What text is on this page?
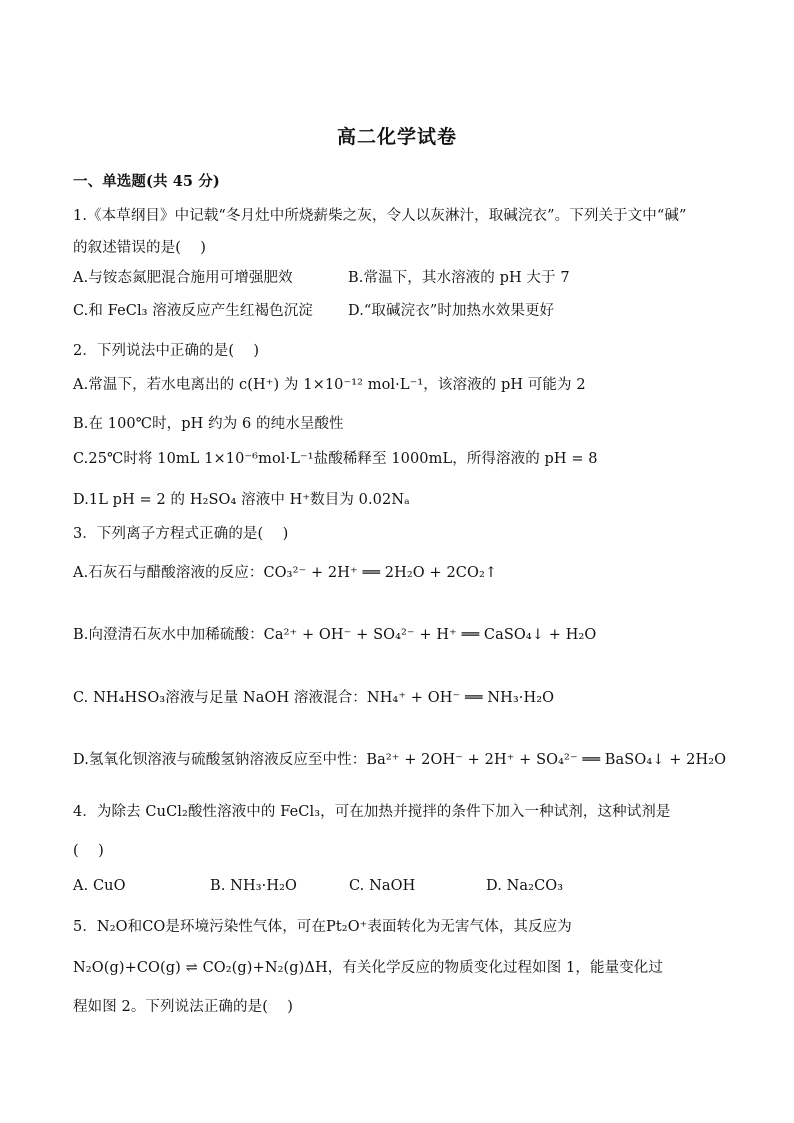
高二化学试卷
一、单选题(共 45 分)
1.《本草纲目》中记载“冬月灶中所烧薪柴之灰，令人以灰淋汁，取碱浣衣”。下列关于文中“碱”
的叙述错误的是(　 )
A.与铵态氮肥混合施用可增强肥效	B.常温下，其水溶液的 pH 大于 7
C.和 FeCl₃ 溶液反应产生红褐色沉淀 D.“取碱浣衣”时加热水效果更好
2．下列说法中正确的是(　 )
A.常温下，若水电离出的 c(H⁺) 为 1×10⁻¹² mol·L⁻¹，该溶液的 pH 可能为 2
B.在 100℃时，pH 约为 6 的纯水呈酸性
C.25℃时将 10mL 1×10⁻⁶mol·L⁻¹盐酸稀释至 1000mL，所得溶液的 pH = 8
D.1L pH = 2 的 H₂SO₄ 溶液中 H⁺数目为 0.02Nₐ
3．下列离子方程式正确的是(　 )
A.石灰石与醋酸溶液的反应：CO₃²⁻ + 2H⁺ ══ 2H₂O + 2CO₂↑
B.向澄清石灰水中加稀硫酸：Ca²⁺ + OH⁻ + SO₄²⁻ + H⁺ ══ CaSO₄↓ + H₂O
C. NH₄HSO₃溶液与足量 NaOH 溶液混合：NH₄⁺ + OH⁻ ══ NH₃·H₂O
D.氢氧化钡溶液与硫酸氢钠溶液反应至中性：Ba²⁺ + 2OH⁻ + 2H⁺ + SO₄²⁻ ══ BaSO₄↓ + 2H₂O
4．为除去 CuCl₂酸性溶液中的 FeCl₃，可在加热并搅拌的条件下加入一种试剂，这种试剂是
(　 )
A. CuO	B. NH₃·H₂O	C. NaOH	D. Na₂CO₃
5．N₂O和CO是环境污染性气体，可在Pt₂O⁺表面转化为无害气体，其反应为
N₂O(g)+CO(g) ⇌ CO₂(g)+N₂(g)ΔH，有关化学反应的物质变化过程如图 1，能量变化过
程如图 2。下列说法正确的是(　 )
